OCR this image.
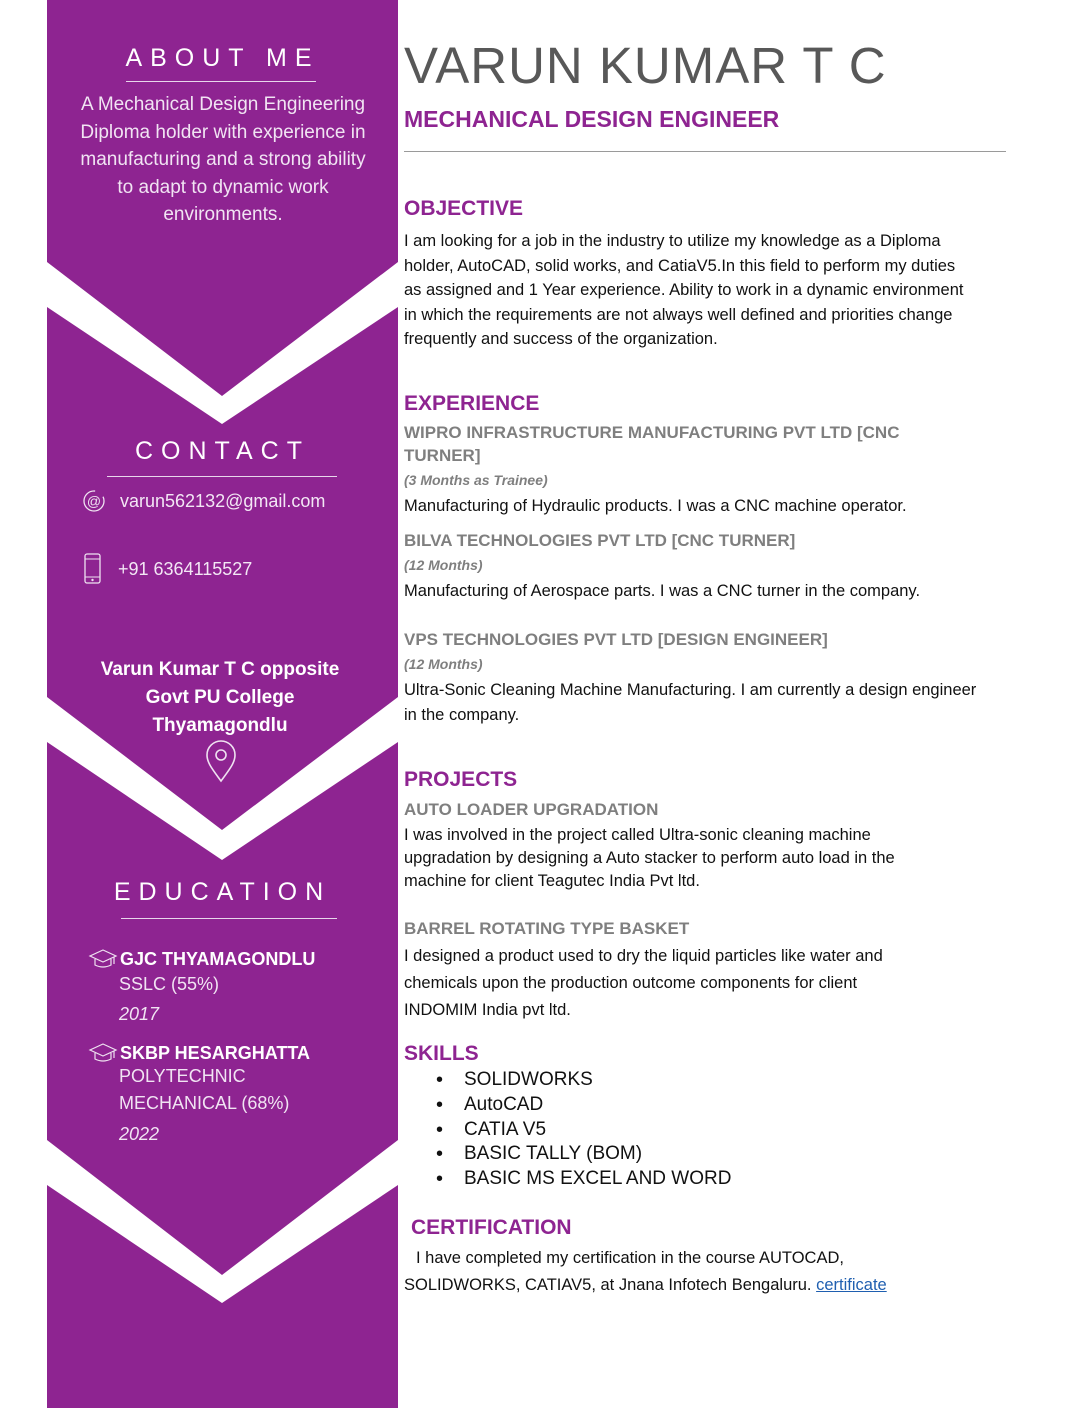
ABOUT ME
A Mechanical Design Engineering Diploma holder with experience in manufacturing and a strong ability to adapt to dynamic work environments.
CONTACT
@ varun562132@gmail.com
+91 6364115527
Varun Kumar T C opposite
Govt PU College
Thyamagondlu
EDUCATION
GJC THYAMAGONDLU
SSLC (55%)
2017
SKBP HESARGHATTA
POLYTECHNIC
MECHANICAL (68%)
2022
VARUN KUMAR T C
MECHANICAL DESIGN ENGINEER
OBJECTIVE
I am looking for a job in the industry to utilize my knowledge as a Diploma
holder, AutoCAD, solid works, and CatiaV5.In this field to perform my duties
as assigned and 1 Year experience. Ability to work in a dynamic environment
in which the requirements are not always well defined and priorities change
frequently and success of the organization.
EXPERIENCE
WIPRO INFRASTRUCTURE MANUFACTURING PVT LTD [CNC TURNER]
(3 Months as Trainee)
Manufacturing of Hydraulic products. I was a CNC machine operator.
BILVA TECHNOLOGIES PVT LTD [CNC TURNER]
(12 Months)
Manufacturing of Aerospace parts. I was a CNC turner in the company.
VPS TECHNOLOGIES PVT LTD [DESIGN ENGINEER]
(12 Months)
Ultra-Sonic Cleaning Machine Manufacturing. I am currently a design engineer in the company.
PROJECTS
AUTO LOADER UPGRADATION
I was involved in the project called Ultra-sonic cleaning machine
upgradation by designing a Auto stacker to perform auto load in the
machine for client Teagutec India Pvt ltd.
BARREL ROTATING TYPE BASKET
I designed a product used to dry the liquid particles like water and
chemicals upon the production outcome components for client
INDOMIM India pvt ltd.
SKILLS
• SOLIDWORKS
• AutoCAD
• CATIA V5
• BASIC TALLY (BOM)
• BASIC MS EXCEL AND WORD
CERTIFICATION
I have completed my certification in the course AUTOCAD,
SOLIDWORKS, CATIAV5, at Jnana Infotech Bengaluru. certificate
